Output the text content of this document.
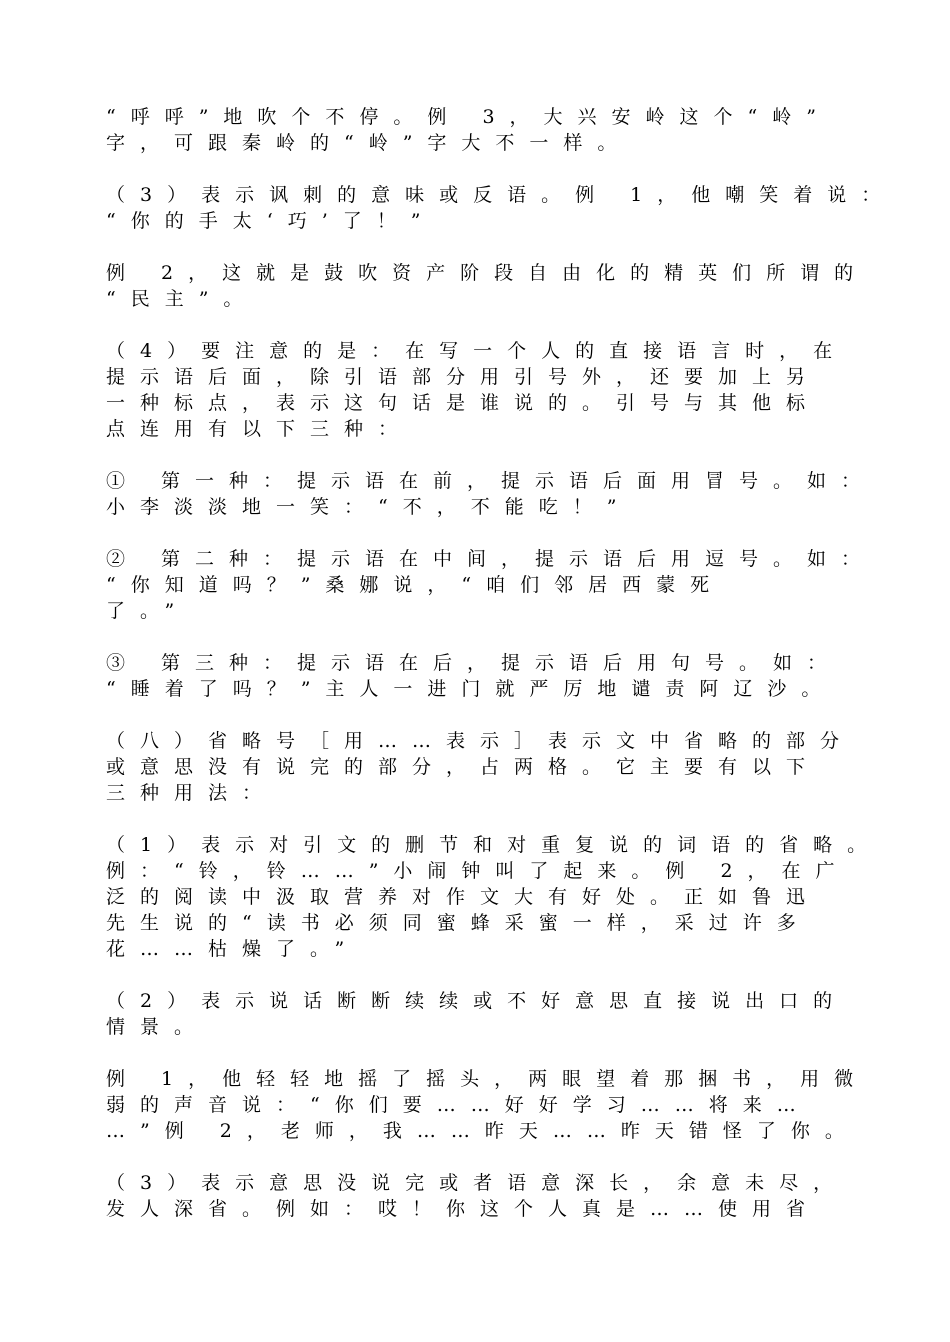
“呼呼”地吹个不停。例 3，大兴安岭这个“岭”
字，可跟秦岭的“岭”字大不一样。
（3）表示讽刺的意味或反语。例 1，他嘲笑着说：
“你的手太‘巧’了！”
例 2，这就是鼓吹资产阶段自由化的精英们所谓的
“民主”。
（4）要注意的是：在写一个人的直接语言时，在
提示语后面，除引语部分用引号外，还要加上另
一种标点，表示这句话是谁说的。引号与其他标
点连用有以下三种：
① 第一种：提示语在前，提示语后面用冒号。如：
小李淡淡地一笑：“不，不能吃！”
② 第二种：提示语在中间，提示语后用逗号。如：
“你知道吗？”桑娜说，“咱们邻居西蒙死
了。”
③ 第三种：提示语在后，提示语后用句号。如：
“睡着了吗？”主人一进门就严厉地谴责阿辽沙。
（八）省略号［用……表示］表示文中省略的部分
或意思没有说完的部分，占两格。它主要有以下
三种用法：
（1）表示对引文的删节和对重复说的词语的省略。
例：“铃，铃……”小闹钟叫了起来。例 2，在广
泛的阅读中汲取营养对作文大有好处。正如鲁迅
先生说的“读书必须同蜜蜂采蜜一样，采过许多
花……枯燥了。”
（2）表示说话断断续续或不好意思直接说出口的
情景。
例 1，他轻轻地摇了摇头，两眼望着那捆书，用微
弱的声音说：“你们要……好好学习……将来…
…”例 2，老师，我……昨天……昨天错怪了你。
（3）表示意思没说完或者语意深长，余意未尽，
发人深省。例如：哎！你这个人真是……使用省
